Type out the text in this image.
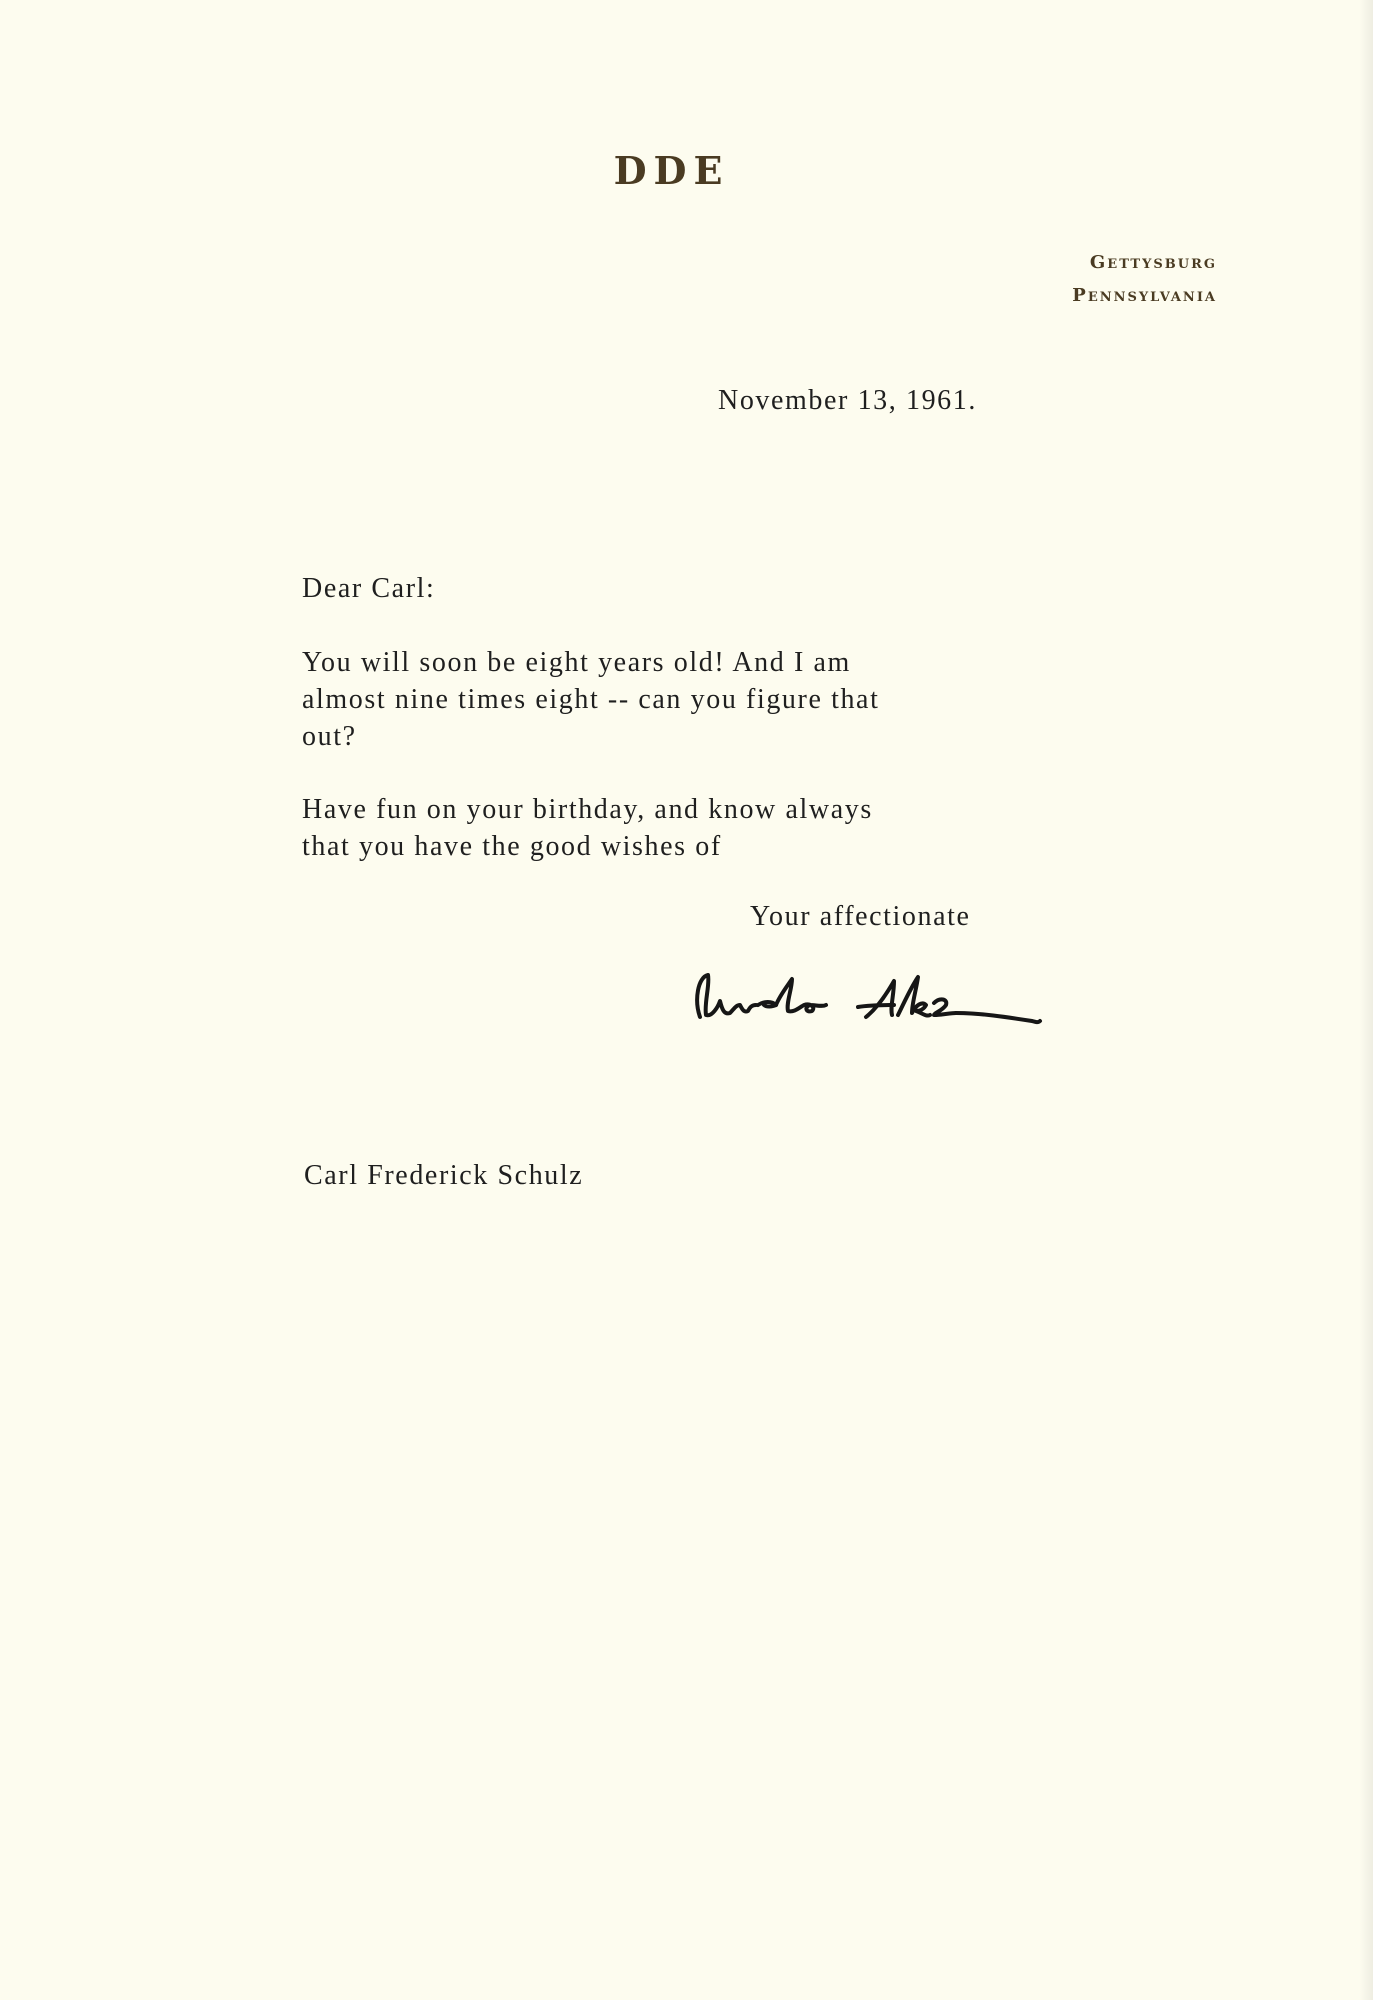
DDE
Gettysburg
Pennsylvania
November 13, 1961.
Dear Carl:
You will soon be eight years old! And I am
almost nine times eight -- can you figure that
out?
Have fun on your birthday, and know always
that you have the good wishes of
Your affectionate
Carl Frederick Schulz
